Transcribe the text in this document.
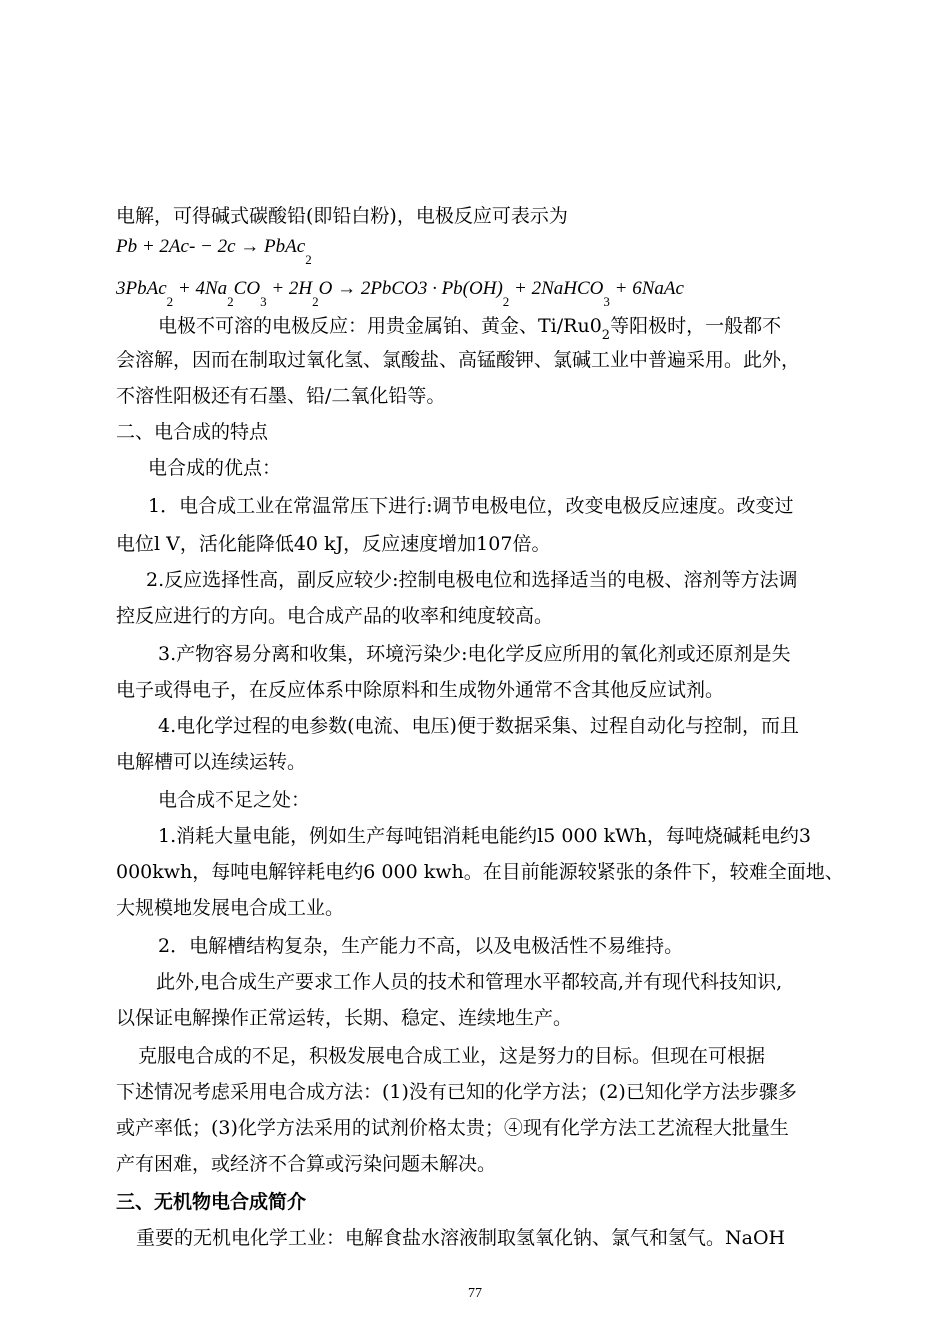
电解，可得碱式碳酸铅(即铅白粉)，电极反应可表示为
Pb + 2Ac- − 2c → PbAc$_2$
3PbAc$_2$ + $4Na_2CO_3 + 2H_2O$ → 2PbCO3 · $Pb(OH)_2$ + 2NaHCO$_3$ + 6NaAc
电极不可溶的电极反应：用贵金属铂、黄金、$Ti/Ru0_2$等阳极时，一般都不
会溶解，因而在制取过氧化氢、氯酸盐、高锰酸钾、氯碱工业中普遍采用。此外，
不溶性阳极还有石墨、铅/二氧化铅等。
二、电合成的特点
电合成的优点：
1．电合成工业在常温常压下进行:调节电极电位，改变电极反应速度。改变过
电位l V，活化能降低40 kJ，反应速度增加107倍。
2.反应选择性高，副反应较少:控制电极电位和选择适当的电极、溶剂等方法调
控反应进行的方向。电合成产品的收率和纯度较高。
3.产物容易分离和收集，环境污染少:电化学反应所用的氧化剂或还原剂是失
电子或得电子，在反应体系中除原料和生成物外通常不含其他反应试剂。
4.电化学过程的电参数(电流、电压)便于数据采集、过程自动化与控制，而且
电解槽可以连续运转。
电合成不足之处：
1.消耗大量电能，例如生产每吨铝消耗电能约l5 000 kWh，每吨烧碱耗电约3
000kwh，每吨电解锌耗电约6 000 kwh。在目前能源较紧张的条件下，较难全面地、
大规模地发展电合成工业。
2．电解槽结构复杂，生产能力不高，以及电极活性不易维持。
此外,电合成生产要求工作人员的技术和管理水平都较高,并有现代科技知识,
以保证电解操作正常运转，长期、稳定、连续地生产。
克服电合成的不足，积极发展电合成工业，这是努力的目标。但现在可根据
下述情况考虑采用电合成方法：(1)没有已知的化学方法；(2)已知化学方法步骤多
或产率低；(3)化学方法采用的试剂价格太贵；④现有化学方法工艺流程大批量生
产有困难，或经济不合算或污染问题未解决。
三、无机物电合成简介
重要的无机电化学工业：电解食盐水溶液制取氢氧化钠、氯气和氢气。NaOH
77
